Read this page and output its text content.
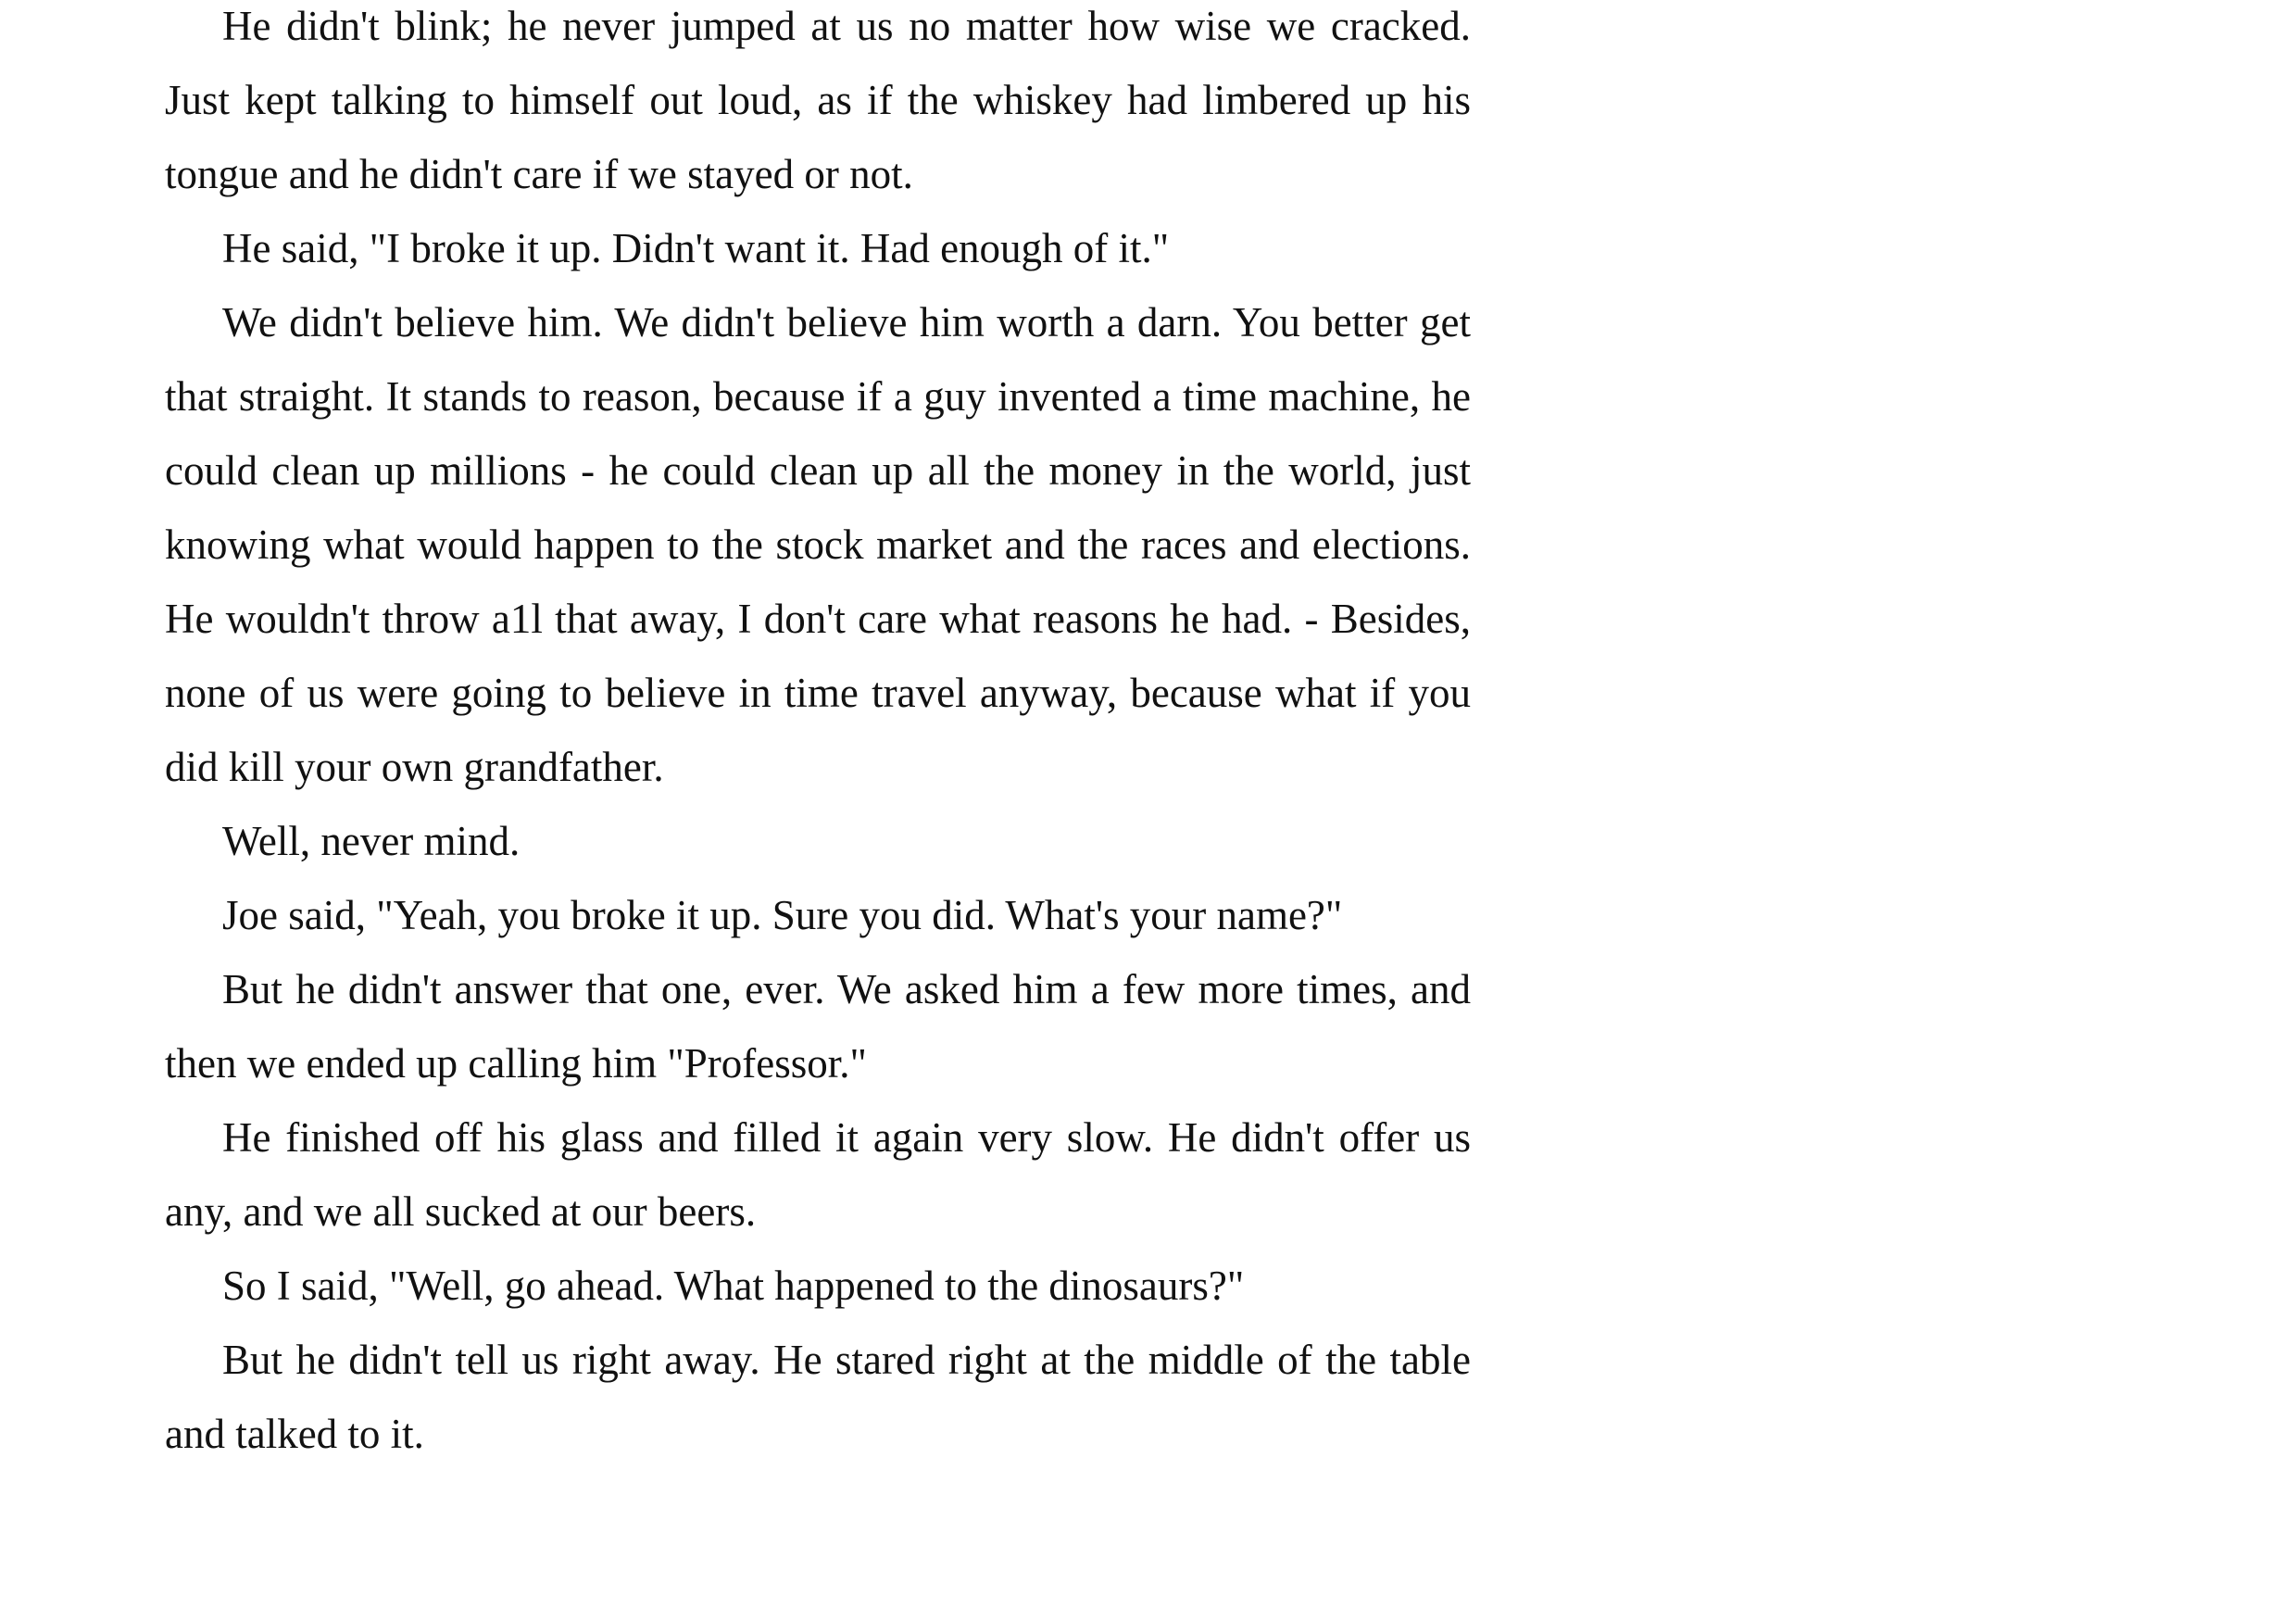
He didn't blink; he never jumped at us no matter how wise we cracked. Just kept talking to himself out loud, as if the whiskey had limbered up his tongue and he didn't care if we stayed or not.

He said, "I broke it up. Didn't want it. Had enough of it."

We didn't believe him. We didn't believe him worth a darn. You better get that straight. It stands to reason, because if a guy invented a time machine, he could clean up millions - he could clean up all the money in the world, just knowing what would happen to the stock market and the races and elections. He wouldn't throw a1l that away, I don't care what reasons he had. - Besides, none of us were going to believe in time travel anyway, because what if you did kill your own grandfather.

Well, never mind.

Joe said, "Yeah, you broke it up. Sure you did. What's your name?"

But he didn't answer that one, ever. We asked him a few more times, and then we ended up calling him "Professor."

He finished off his glass and filled it again very slow. He didn't offer us any, and we all sucked at our beers.

So I said, "Well, go ahead. What happened to the dinosaurs?"

But he didn't tell us right away. He stared right at the middle of the table and talked to it.
